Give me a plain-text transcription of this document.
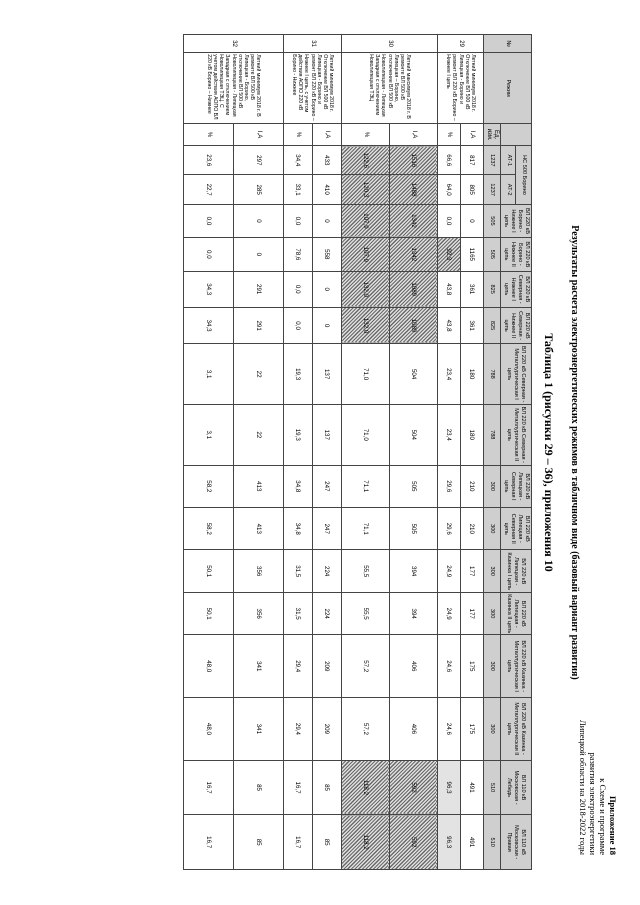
Приложение 18
к Схеме и программе
развития электроэнергетики
Липецкой области на 2018-2022 годы
Результаты расчета электроэнергетических режимов в табличном виде (базовый вариант развития)
Таблица 1 (рисунки 29 – 36), приложения 10
№	Режим		НС 500 Борино		ВЛ 220 кВ Борино - Нижнее I цепь	ВЛ 220 кВ Борино - Нижнее II цепь	ВЛ 220 кВ Северная - Нижнее I цепь	ВЛ 220 кВ Северная - Нижнее II цепь	ВЛ 220 кВ Северная - Металлургическая I цепь	ВЛ 220 кВ Северная - Металлургическая II цепь	ВЛ 220 кВ Липецкая - Северная I цепь	ВЛ 220 кВ Липецкая - Северная II цепь	ВЛ 220 кВ Липецкая - Казинка I цепь	ВЛ 220 кВ Липецкая - Казинка II цепь	ВЛ 220 кВ Казинка - Металлургическая I цепь	ВЛ 220 кВ Казинка - Металлургическая II цепь	ВЛ 110 кВ Московская - Лебедь	ВЛ 110 кВ Московская - Правая
			АТ-1	АТ-2														
		Ед. изм.	1237	1237	505	505	825	825	788	788	300	300	300	300	300	300	510	510
29	Летний минимум 2018 г. Отключение ВЛ 500 кВ Липецкая - Борино и ремонт ВЛ 220 кВ Борино – Нижнее I цепь	I,А	817	805	0	1165	361	361	180	180	210	210	177	177	175	175	491	491
		%	66,6	64,0	0,0	92,3	43,8	43,8	23,4	23,4	29,6	29,6	24,9	24,9	24,6	24,6	96,3	96,3
30	Летний максимум 2018 г. В ремонте ВЛ 500 кВ Липецкая – Борино, отключение ВЛ 500 кВ Новолипецкая - Липецкая Западная с отключением Новолипецкая ТЭЦ	I,А	1516	1488	1342	1342	1089	1089	504	504	505	505	394	394	406	406	592	592
		%	122,6	120,3	107,9	107,9	132,0	132,0	71,0	71,0	71,1	71,1	55,5	55,5	57,2	57,2	118,2	118,2
31	Летний минимум 2018 г. Отключение ВЛ 500 кВ Липецкая - Борино и ремонт ВЛ 220 кВ Борино – Нижнее I цепь, с учетом действия АОПО 220 кВ Борино - Нижнее	I,А	433	410	0	558	0	0	137	137	247	247	224	224	209	209	85	85
		%	34,4	33,1	0,0	78,6	0,0	0,0	19,3	19,3	34,8	34,8	31,5	31,5	29,4	29,4	16,7	16,7
32	Летний минимум 2018 г. В ремонте ВЛ 500 кВ Липецкая - Борино, отключение ВЛ 500 кВ Новолипецкая - Липецкая Западная с отключением Новолипецкая ТЭЦ. С учетом действия АОПО ВЛ 220 кВ Борино – Нижнее	I,А	297	285	0	0	291	291	22	22	413	413	356	356	341	341	85	85
		%	23,6	22,7	0,0	0,0	34,3	34,3	3,1	3,1	58,2	58,2	50,1	50,1	48,0	48,0	16,7	16,7
